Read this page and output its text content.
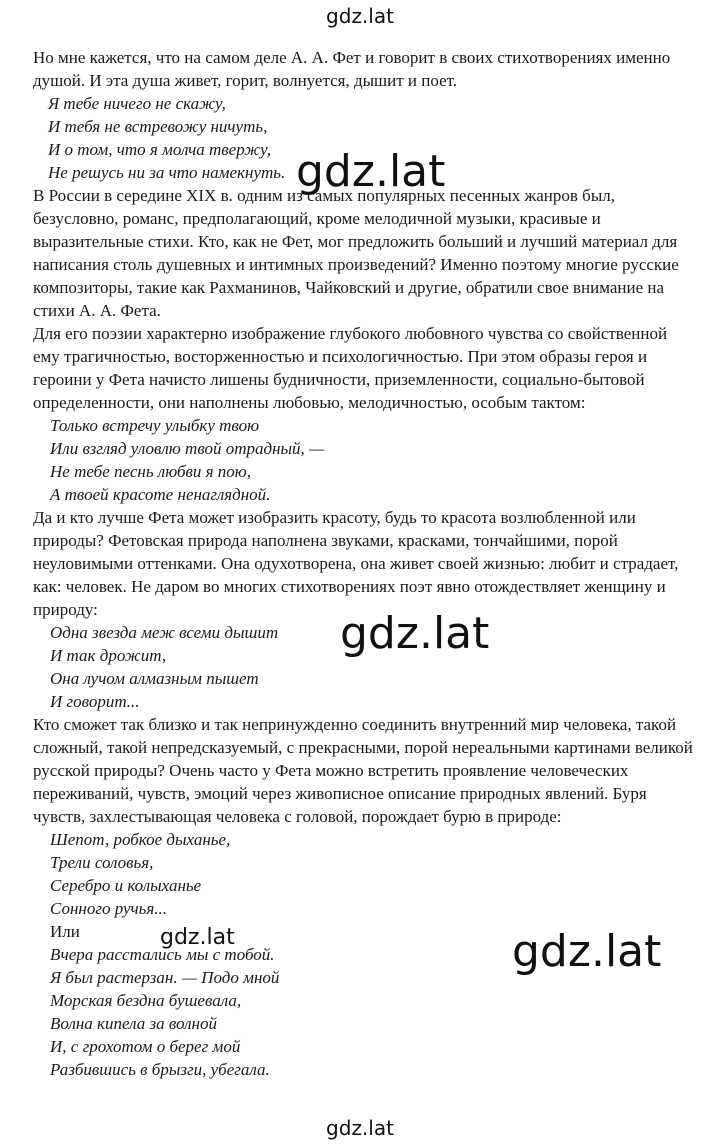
gdz.lat

Но мне кажется, что на самом деле А. А. Фет и говорит в своих стихотворениях именно душой. И эта душа живет, горит, волнуется, дышит и поет.

Я тебе ничего не скажу,

И тебя не встревожу ничуть,

И о том, что я молча твержу,

Не решусь ни за что намекнуть.

В России в середине XIX в. одним из самых популярных песенных жанров был, безусловно, романс, предполагающий, кроме мелодичной музыки, красивые и выразительные стихи. Кто, как не Фет, мог предложить больший и лучший материал для написания столь душевных и интимных произведений? Именно поэтому многие русские композиторы, такие как Рахманинов, Чайковский и другие, обратили свое внимание на стихи А. А. Фета.

Для его поэзии характерно изображение глубокого любовного чувства со свойственной ему трагичностью, восторженностью и психологичностью. При этом образы героя и героини у Фета начисто лишены будничности, приземленности, социально-бытовой определенности, они наполнены любовью, мелодичностью, особым тактом:

Только встречу улыбку твою

Или взгляд уловлю твой отрадный, —

Не тебе песнь любви я пою,

А твоей красоте ненаглядной.

Да и кто лучше Фета может изобразить красоту, будь то красота возлюбленной или природы? Фетовская природа наполнена звуками, красками, тончайшими, порой неуловимыми оттенками. Она одухотворена, она живет своей жизнью: любит и страдает, как: человек. Не даром во многих стихотворениях поэт явно отождествляет женщину и природу:

Одна звезда меж всеми дышит

И так дрожит,

Она лучом алмазным пышет

И говорит...

Кто сможет так близко и так непринужденно соединить внутренний мир человека, такой сложный, такой непредсказуемый, с прекрасными, порой нереальными картинами великой русской природы? Очень часто у Фета можно встретить проявление человеческих переживаний, чувств, эмоций через живописное описание природных явлений. Буря чувств, захлестывающая человека с головой, порождает бурю в природе:

Шепот, робкое дыханье,

Трели соловья,

Серебро и колыханье

Сонного ручья...

Или

Вчера расстались мы с тобой.

Я был растерзан. — Подо мной

Морская бездна бушевала,

Волна кипела за волной

И, с грохотом о берег мой

Разбившись в брызги, убегала.

gdz.lat
gdz.lat
gdz.lat	gdz.lat
gdz.lat
